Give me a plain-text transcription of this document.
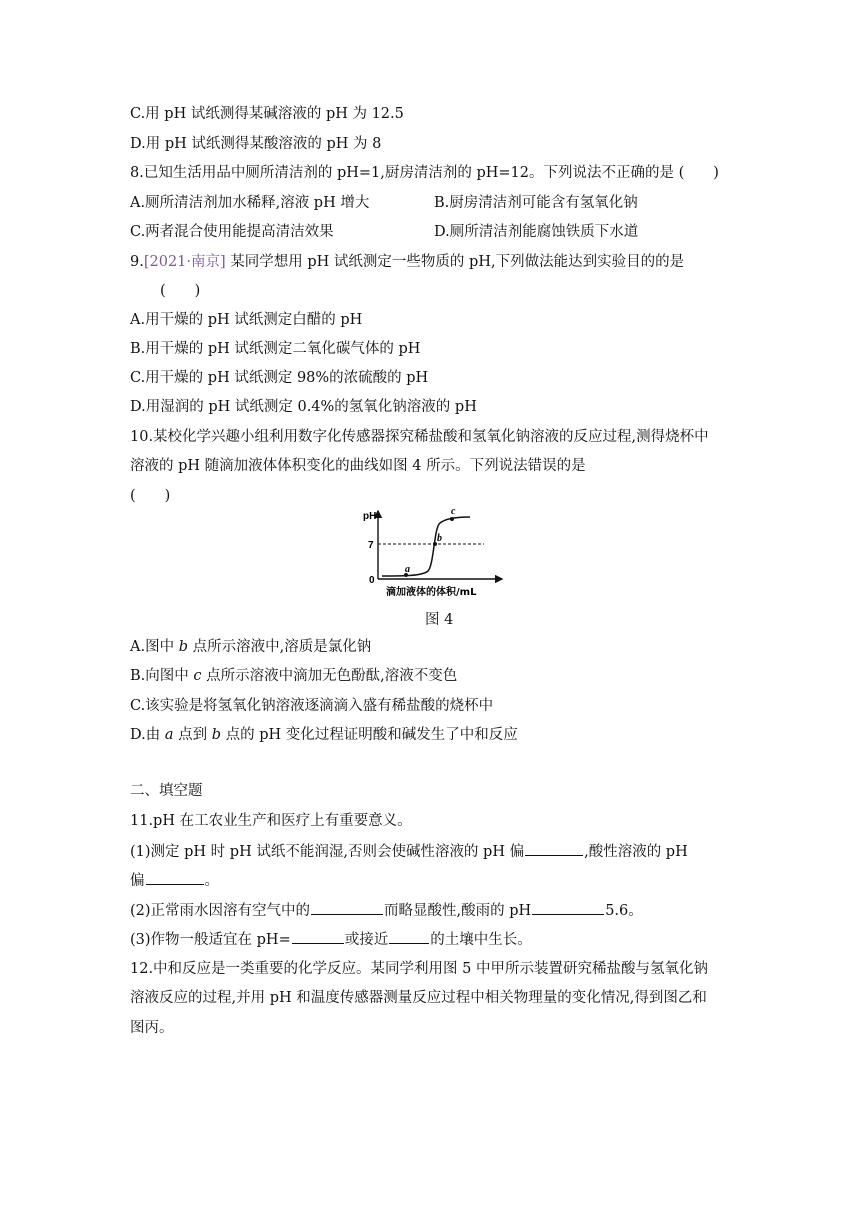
C.用 pH 试纸测得某碱溶液的 pH 为 12.5
D.用 pH 试纸测得某酸溶液的 pH 为 8
8.已知生活用品中厕所清洁剂的 pH=1,厨房清洁剂的 pH=12。下列说法不正确的是 (　　)
A.厕所清洁剂加水稀释,溶液 pH 增大	B.厨房清洁剂可能含有氢氧化钠
C.两者混合使用能提高清洁效果	D.厕所清洁剂能腐蚀铁质下水道
9.[2021·南京] 某同学想用 pH 试纸测定一些物质的 pH,下列做法能达到实验目的的是
(　　)
A.用干燥的 pH 试纸测定白醋的 pH
B.用干燥的 pH 试纸测定二氧化碳气体的 pH
C.用干燥的 pH 试纸测定 98%的浓硫酸的 pH
D.用湿润的 pH 试纸测定 0.4%的氢氧化钠溶液的 pH
10.某校化学兴趣小组利用数字化传感器探究稀盐酸和氢氧化钠溶液的反应过程,测得烧杯中
溶液的 pH 随滴加液体体积变化的曲线如图 4 所示。下列说法错误的是
(　　)
pH
7
0
a
b
c
滴加液体的体积/mL
图 4
A.图中 b 点所示溶液中,溶质是氯化钠
B.向图中 c 点所示溶液中滴加无色酚酞,溶液不变色
C.该实验是将氢氧化钠溶液逐滴滴入盛有稀盐酸的烧杯中
D.由 a 点到 b 点的 pH 变化过程证明酸和碱发生了中和反应
二、填空题
11.pH 在工农业生产和医疗上有重要意义。
(1)测定 pH 时 pH 试纸不能润湿,否则会使碱性溶液的 pH 偏	,酸性溶液的 pH
偏	。
(2)正常雨水因溶有空气中的	而略显酸性,酸雨的 pH	5.6。
(3)作物一般适宜在 pH=	或接近	的土壤中生长。
12.中和反应是一类重要的化学反应。某同学利用图 5 中甲所示装置研究稀盐酸与氢氧化钠
溶液反应的过程,并用 pH 和温度传感器测量反应过程中相关物理量的变化情况,得到图乙和
图丙。
